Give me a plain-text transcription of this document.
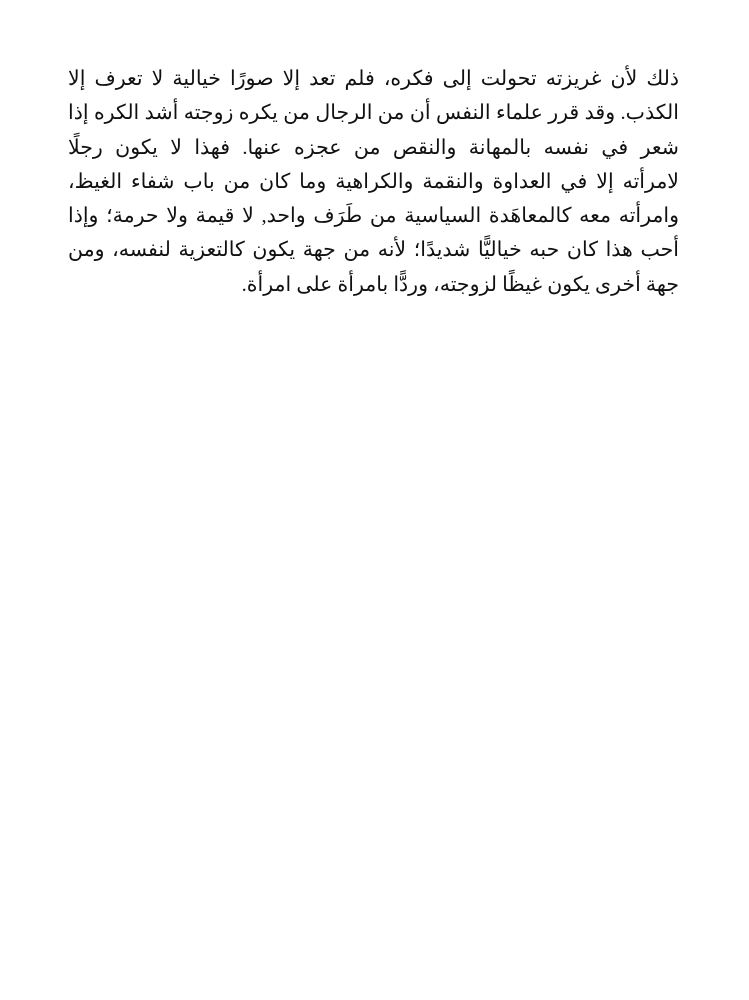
ذلك لأن غريزته تحولت إلى فكره، فلم تعد إلا صورًا خيالية لا تعرف إلا
الكذب. وقد قرر علماء النفس أن من الرجال من يكره زوجته أشد الكره إذا
شعر في نفسه بالمهانة والنقص من عجزه عنها. فهذا لا يكون رجلًا
لامرأته إلا في العداوة والنقمة والكراهية وما كان من باب شفاء الغيظ،
وامرأته معه كالمعاهَدة السياسية من طَرَف واحد, لا قيمة ولا حرمة؛ وإذا
أحب هذا كان حبه خياليًّا شديدًا؛ لأنه من جهة يكون كالتعزية لنفسه، ومن
جهة أخرى يكون غيظًا لزوجته، وردًّا بامرأة على امرأة.
